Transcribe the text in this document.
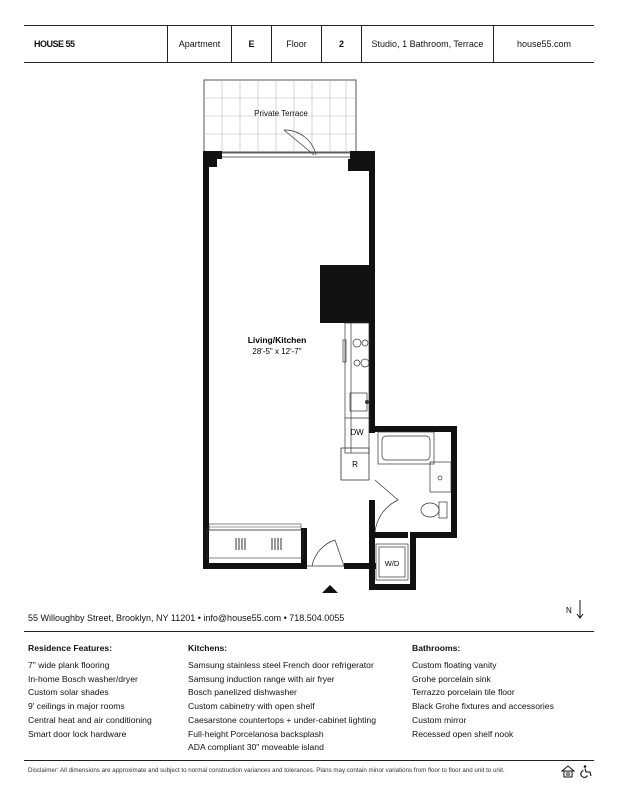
HOUSE 55	Apartment	E	Floor	2	Studio, 1 Bathroom, Terrace	house55.com
Private Terrace
DW
R
W/D
Living/Kitchen
28'-5" x 12'-7"
55 Willoughby Street, Brooklyn, NY 11201 • info@house55.com • 718.504.0055
N
Residence Features:
7" wide plank flooring
In-home Bosch washer/dryer
Custom solar shades
9' ceilings in major rooms
Central heat and air conditioning
Smart door lock hardware
Kitchens:
Samsung stainless steel French door refrigerator
Samsung induction range with air fryer
Bosch panelized dishwasher
Custom cabinetry with open shelf
Caesarstone countertops + under-cabinet lighting
Full-height Porcelanosa backsplash
ADA compliant 30" moveable island
Bathrooms:
Custom floating vanity
Grohe porcelain sink
Terrazzo porcelain tile floor
Black Grohe fixtures and accessories
Custom mirror
Recessed open shelf nook
Disclaimer: All dimensions are approximate and subject to normal construction variances and tolerances. Plans may contain minor variations from floor to floor and unit to unit.
